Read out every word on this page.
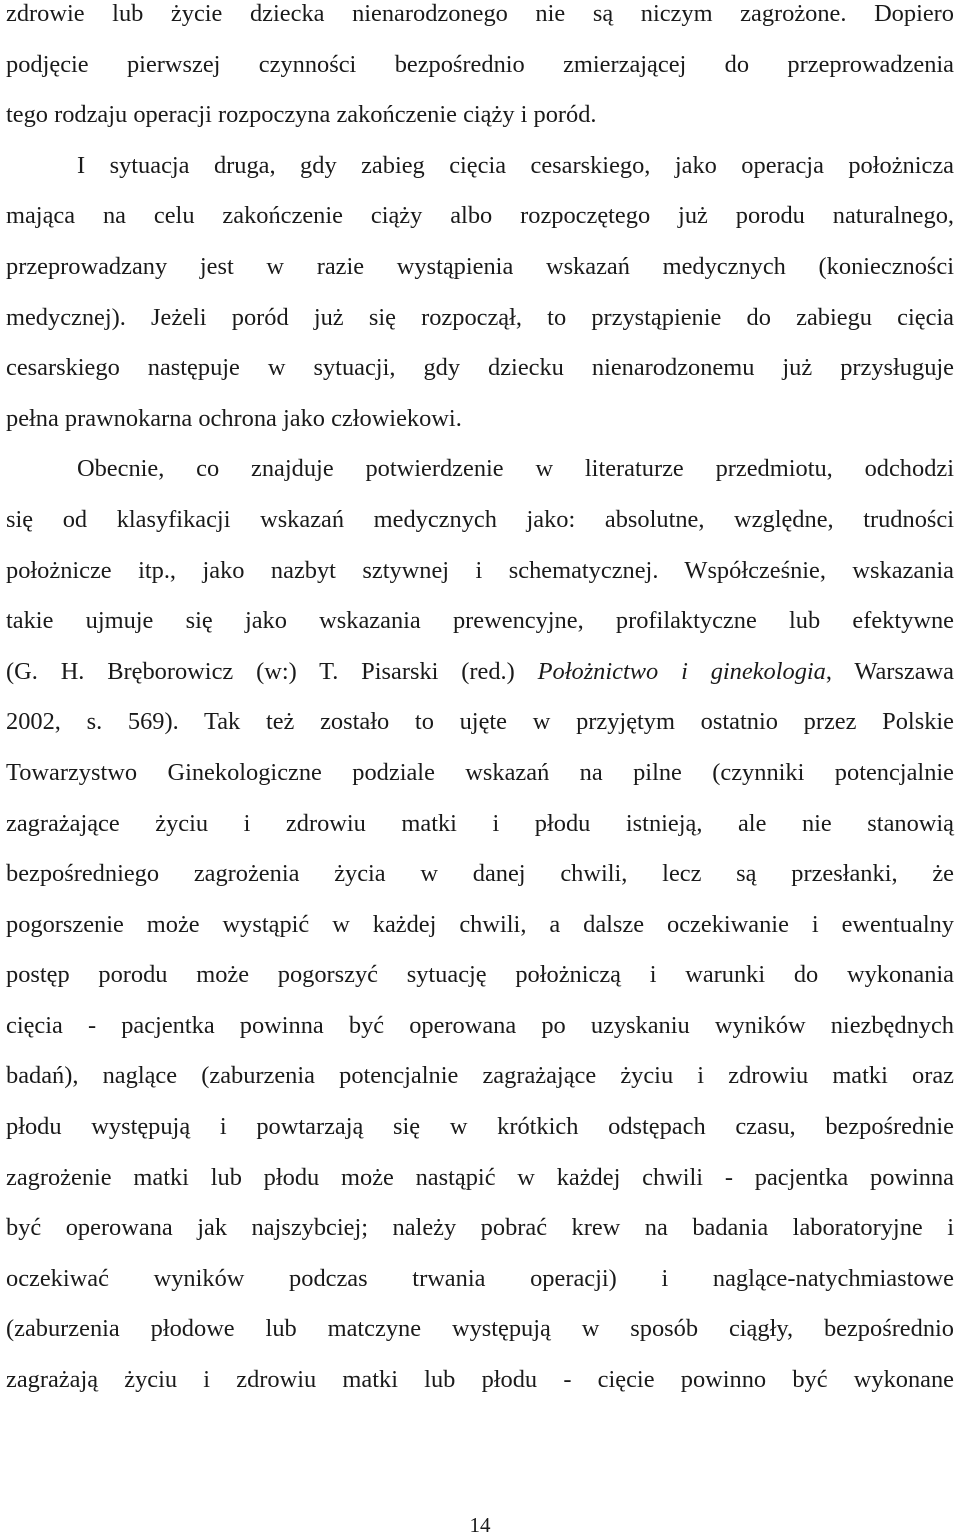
zdrowie lub życie dziecka nienarodzonego nie są niczym zagrożone. Dopiero
podjęcie pierwszej czynności bezpośrednio zmierzającej do przeprowadzenia
tego rodzaju operacji rozpoczyna zakończenie ciąży i poród.
I sytuacja druga, gdy zabieg cięcia cesarskiego, jako operacja położnicza
mająca na celu zakończenie ciąży albo rozpoczętego już porodu naturalnego,
przeprowadzany jest w razie wystąpienia wskazań medycznych (konieczności
medycznej). Jeżeli poród już się rozpoczął, to przystąpienie do zabiegu cięcia
cesarskiego następuje w sytuacji, gdy dziecku nienarodzonemu już przysługuje
pełna prawnokarna ochrona jako człowiekowi.
Obecnie, co znajduje potwierdzenie w literaturze przedmiotu, odchodzi
się od klasyfikacji wskazań medycznych jako: absolutne, względne, trudności
położnicze itp., jako nazbyt sztywnej i schematycznej. Współcześnie, wskazania
takie ujmuje się jako wskazania prewencyjne, profilaktyczne lub efektywne
(G. H. Bręborowicz (w:) T. Pisarski (red.) Położnictwo i ginekologia, Warszawa
2002, s. 569). Tak też zostało to ujęte w przyjętym ostatnio przez Polskie
Towarzystwo Ginekologiczne podziale wskazań na pilne (czynniki potencjalnie
zagrażające życiu i zdrowiu matki i płodu istnieją, ale nie stanowią
bezpośredniego zagrożenia życia w danej chwili, lecz są przesłanki, że
pogorszenie może wystąpić w każdej chwili, a dalsze oczekiwanie i ewentualny
postęp porodu może pogorszyć sytuację położniczą i warunki do wykonania
cięcia - pacjentka powinna być operowana po uzyskaniu wyników niezbędnych
badań), naglące (zaburzenia potencjalnie zagrażające życiu i zdrowiu matki oraz
płodu występują i powtarzają się w krótkich odstępach czasu, bezpośrednie
zagrożenie matki lub płodu może nastąpić w każdej chwili - pacjentka powinna
być operowana jak najszybciej; należy pobrać krew na badania laboratoryjne i
oczekiwać wyników podczas trwania operacji) i naglące-natychmiastowe
(zaburzenia płodowe lub matczyne występują w sposób ciągły, bezpośrednio
zagrażają życiu i zdrowiu matki lub płodu - cięcie powinno być wykonane
14
